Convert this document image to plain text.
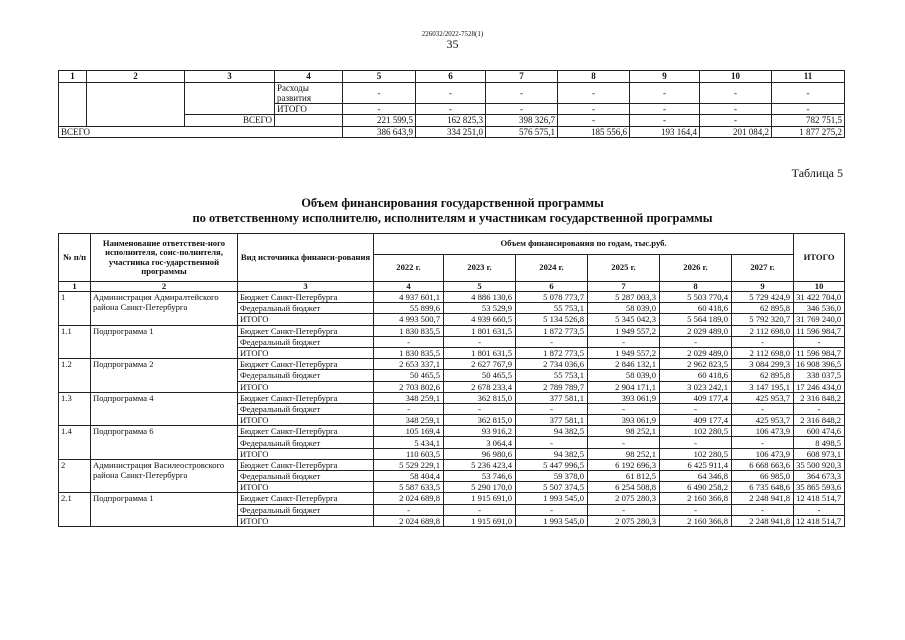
226032/2022-7528(1)
35
1	2	3	4	5	6	7	8	9	10	11
			Расходы развития	-	-	-	-	-	-	-
			ИТОГО	-	-	-	-	-	-	-
		ВСЕГО		221 599,5	162 825,3	398 326,7	-	-	-	782 751,5
ВСЕГО				386 643,9	334 251,0	576 575,1	185 556,6	193 164,4	201 084,2	1 877 275,2
Таблица 5
Объем финансирования государственной программы
по ответственному исполнителю, исполнителям и участникам государственной программы
№ п/п	Наименование ответствен-ного исполнителя, соис-полнителя, участника гос-ударственной программы	Вид источника финанси-рования	Объем финансирования по годам, тыс.руб.						ИТОГО
			2022 г.	2023 г.	2024 г.	2025 г.	2026 г.	2027 г.	
1	2	3	4	5	6	7	8	9	10
1	Администрация Адмиралтейского района Санкт-Петербурга	Бюджет Санкт-Петербурга	4 937 601,1	4 886 130,6	5 078 773,7	5 287 003,3	5 503 770,4	5 729 424,9	31 422 704,0
		Федеральный бюджет	55 899,6	53 529,9	55 753,1	58 039,0	60 418,6	62 895,8	346 536,0
		ИТОГО	4 993 500,7	4 939 660,5	5 134 526,8	5 345 042,3	5 564 189,0	5 792 320,7	31 769 240,0
1.1	Подпрограмма 1	Бюджет Санкт-Петербурга	1 830 835,5	1 801 631,5	1 872 773,5	1 949 557,2	2 029 489,0	2 112 698,0	11 596 984,7
		Федеральный бюджет	-	-	-	-	-	-	-
		ИТОГО	1 830 835,5	1 801 631,5	1 872 773,5	1 949 557,2	2 029 489,0	2 112 698,0	11 596 984,7
1.2	Подпрограмма 2	Бюджет Санкт-Петербурга	2 653 337,1	2 627 767,9	2 734 036,6	2 846 132,1	2 962 823,5	3 084 299,3	16 908 396,5
		Федеральный бюджет	50 465,5	50 465,5	55 753,1	58 039,0	60 418,6	62 895,8	338 037,5
		ИТОГО	2 703 802,6	2 678 233,4	2 789 789,7	2 904 171,1	3 023 242,1	3 147 195,1	17 246 434,0
1.3	Подпрограмма 4	Бюджет Санкт-Петербурга	348 259,1	362 815,0	377 581,1	393 061,9	409 177,4	425 953,7	2 316 848,2
		Федеральный бюджет	-	-	-	-	-	-	-
		ИТОГО	348 259,1	362 815,0	377 581,1	393 061,9	409 177,4	425 953,7	2 316 848,2
1.4	Подпрограмма 6	Бюджет Санкт-Петербурга	105 169,4	93 916,2	94 382,5	98 252,1	102 280,5	106 473,9	600 474,6
		Федеральный бюджет	5 434,1	3 064,4	-	-	-	-	8 498,5
		ИТОГО	110 603,5	96 980,6	94 382,5	98 252,1	102 280,5	106 473,9	608 973,1
2	Администрация Василеостровского района Санкт-Петербурга	Бюджет Санкт-Петербурга	5 529 229,1	5 236 423,4	5 447 996,5	6 192 696,3	6 425 911,4	6 668 663,6	35 500 920,3
		Федеральный бюджет	58 404,4	53 746,6	59 378,0	61 812,5	64 346,8	66 985,0	364 673,3
		ИТОГО	5 587 633,5	5 290 170,0	5 507 374,5	6 254 508,8	6 490 258,2	6 735 648,6	35 865 593,6
2.1	Подпрограмма 1	Бюджет Санкт-Петербурга	2 024 689,8	1 915 691,0	1 993 545,0	2 075 280,3	2 160 366,8	2 248 941,8	12 418 514,7
		Федеральный бюджет	-	-	-	-	-	-	-
		ИТОГО	2 024 689,8	1 915 691,0	1 993 545,0	2 075 280,3	2 160 366,8	2 248 941,8	12 418 514,7
